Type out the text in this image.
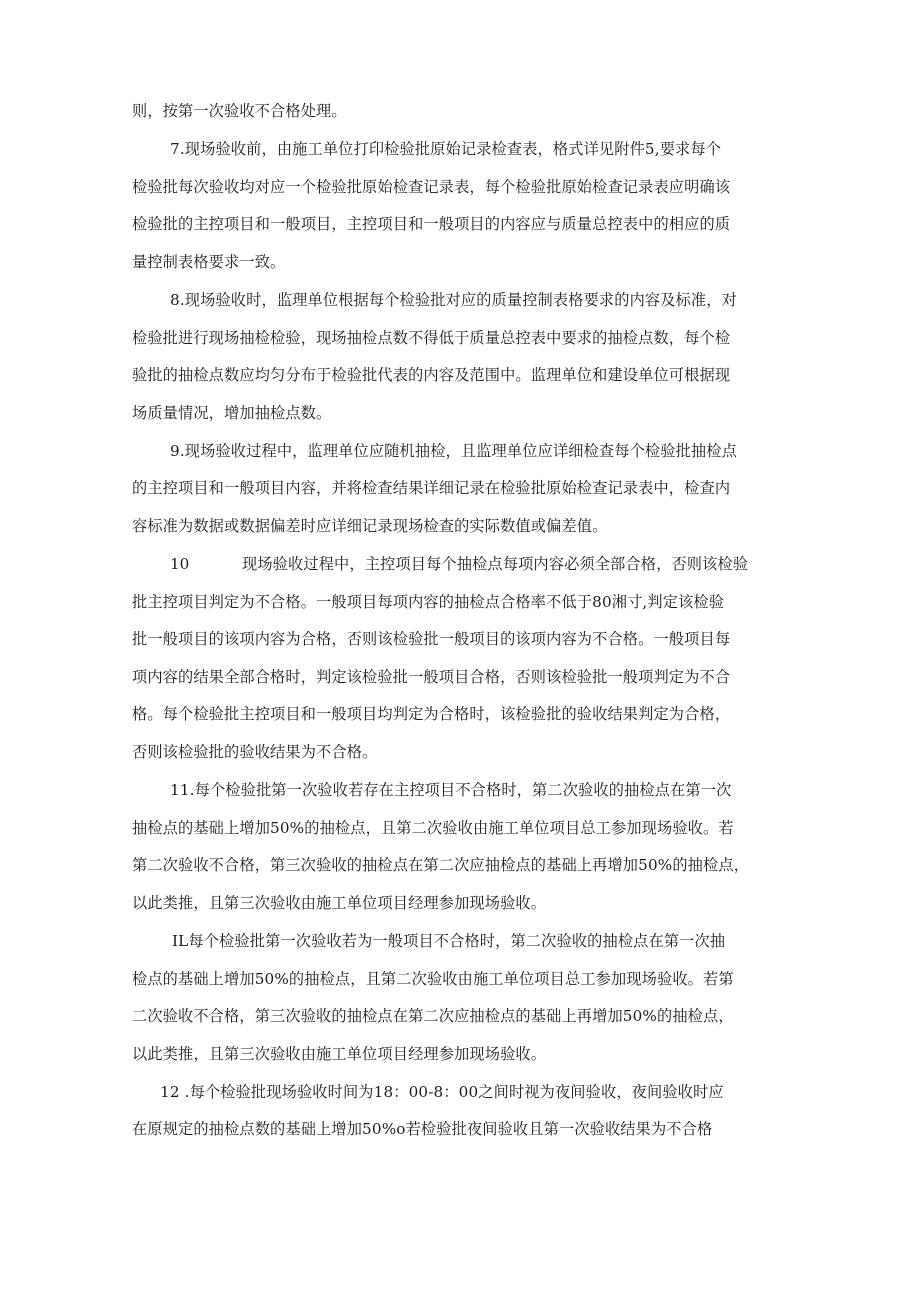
则，按第一次验收不合格处理。
7.现场验收前，由施工单位打印检验批原始记录检查表，格式详见附件5,要求每个
检验批每次验收均对应一个检验批原始检查记录表，每个检验批原始检查记录表应明确该
检验批的主控项目和一般项目，主控项目和一般项目的内容应与质量总控表中的相应的质
量控制表格要求一致。
8.现场验收时，监理单位根据每个检验批对应的质量控制表格要求的内容及标准，对
检验批进行现场抽检检验，现场抽检点数不得低于质量总控表中要求的抽检点数，每个检
验批的抽检点数应均匀分布于检验批代表的内容及范围中。监理单位和建设单位可根据现
场质量情况，增加抽检点数。
9.现场验收过程中，监理单位应随机抽检，且监理单位应详细检查每个检验批抽检点
的主控项目和一般项目内容，并将检查结果详细记录在检验批原始检查记录表中，检查内
容标准为数据或数据偏差时应详细记录现场检查的实际数值或偏差值。
10	现场验收过程中，主控项目每个抽检点每项内容必须全部合格，否则该检验
批主控项目判定为不合格。一般项目每项内容的抽检点合格率不低于80湘寸,判定该检验
批一般项目的该项内容为合格，否则该检验批一般项目的该项内容为不合格。一般项目每
项内容的结果全部合格时，判定该检验批一般项目合格，否则该检验批一般项判定为不合
格。每个检验批主控项目和一般项目均判定为合格时，该检验批的验收结果判定为合格，
否则该检验批的验收结果为不合格。
11.每个检验批第一次验收若存在主控项目不合格时，第二次验收的抽检点在第一次
抽检点的基础上增加50%的抽检点，且第二次验收由施工单位项目总工参加现场验收。若
第二次验收不合格，第三次验收的抽检点在第二次应抽检点的基础上再增加50%的抽检点，
以此类推，且第三次验收由施工单位项目经理参加现场验收。
IL每个检验批第一次验收若为一般项目不合格时，第二次验收的抽检点在第一次抽
检点的基础上增加50%的抽检点，且第二次验收由施工单位项目总工参加现场验收。若第
二次验收不合格，第三次验收的抽检点在第二次应抽检点的基础上再增加50%的抽检点，
以此类推，且第三次验收由施工单位项目经理参加现场验收。
12 .每个检验批现场验收时间为18：00-8：00之间时视为夜间验收，夜间验收时应
在原规定的抽检点数的基础上增加50%o若检验批夜间验收且第一次验收结果为不合格
